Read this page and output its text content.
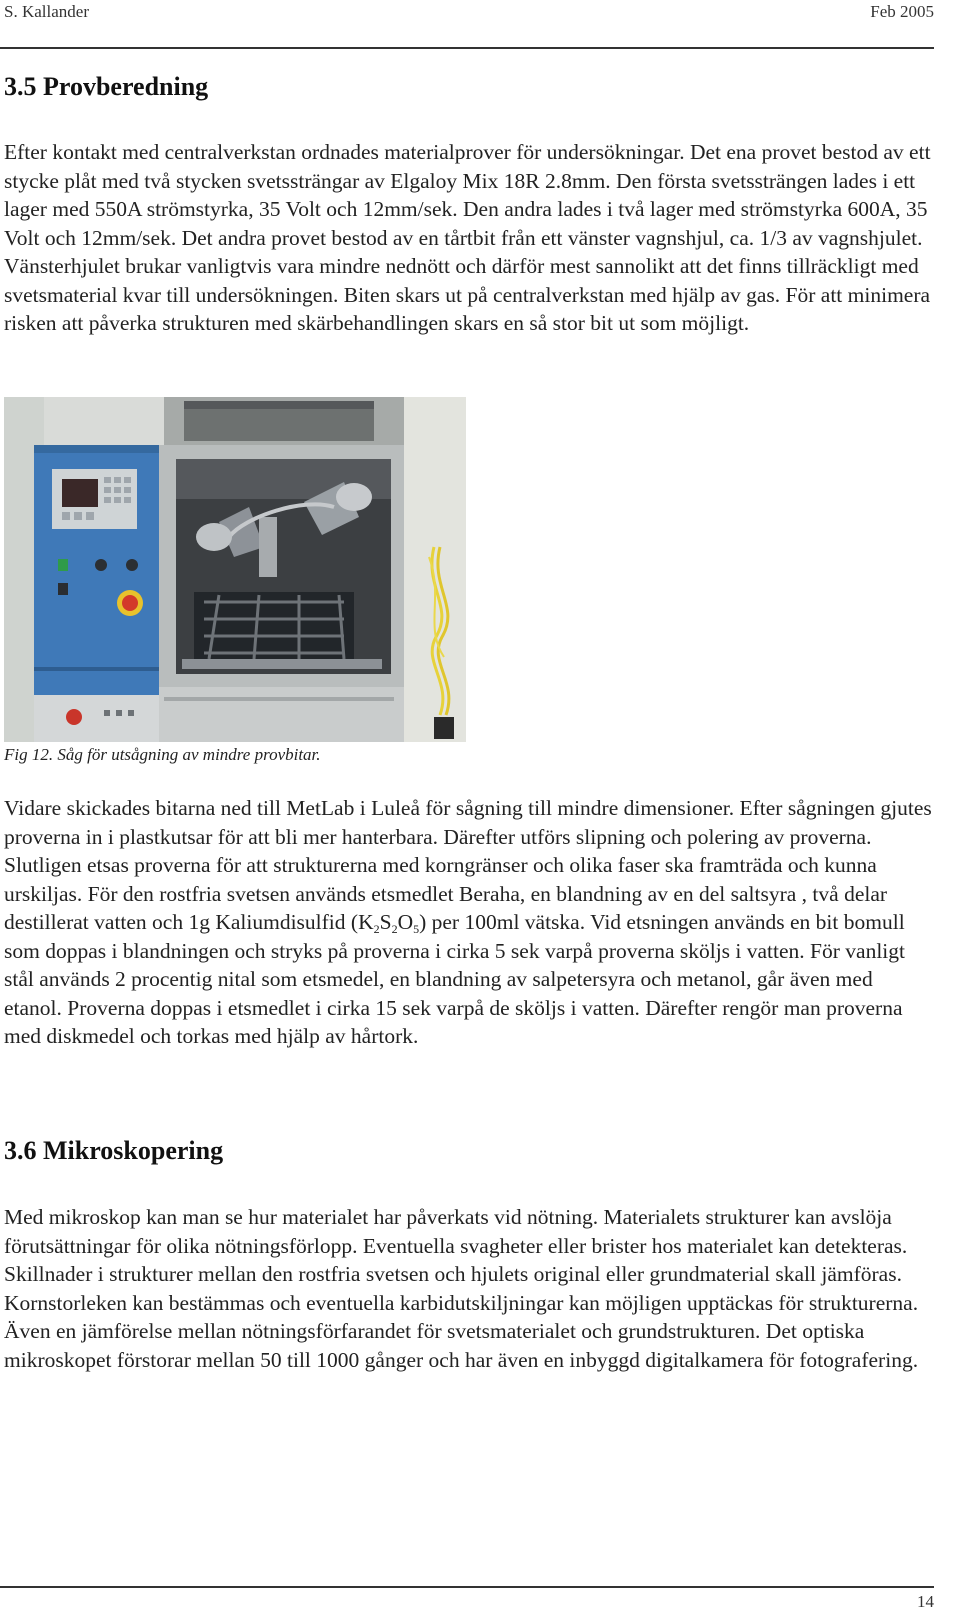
S. Kallander	Feb 2005
3.5 Provberedning

Efter kontakt med centralverkstan ordnades materialprover för undersökningar. Det ena provet bestod av ett stycke plåt med två stycken svetssträngar av Elgaloy Mix 18R 2.8mm. Den första svetssträngen lades i ett lager med 550A strömstyrka, 35 Volt och 12mm/sek. Den andra lades i två lager med strömstyrka 600A, 35 Volt och 12mm/sek. Det andra provet bestod av en tårtbit från ett vänster vagnshjul, ca. 1/3 av vagnshjulet. Vänsterhjulet brukar vanligtvis vara mindre nednött och därför mest sannolikt att det finns tillräckligt med svetsmaterial kvar till undersökningen. Biten skars ut på centralverkstan med hjälp av gas. För att minimera risken att påverka strukturen med skärbehandlingen skars en så stor bit ut som möjligt.

Fig 12. Såg för utsågning av mindre provbitar.

Vidare skickades bitarna ned till MetLab i Luleå för sågning till mindre dimensioner. Efter sågningen gjutes proverna in i plastkutsar för att bli mer hanterbara. Därefter utförs slipning och polering av proverna. Slutligen etsas proverna för att strukturerna med korngränser och olika faser ska framträda och kunna urskiljas. För den rostfria svetsen används etsmedlet Beraha, en blandning av en del saltsyra , två delar destillerat vatten och 1g Kaliumdisulfid $(K_2S_2O_5)$ per 100ml vätska. Vid etsningen används en bit bomull som doppas i blandningen och stryks på proverna i cirka 5 sek varpå proverna sköljs i vatten. För vanligt stål används 2 procentig nital som etsmedel, en blandning av salpetersyra och metanol, går även med etanol. Proverna doppas i etsmedlet i cirka 15 sek varpå de sköljs i vatten. Därefter rengör man proverna med diskmedel och torkas med hjälp av hårtork.

3.6 Mikroskopering

Med mikroskop kan man se hur materialet har påverkats vid nötning. Materialets strukturer kan avslöja förutsättningar för olika nötningsförlopp. Eventuella svagheter eller brister hos materialet kan detekteras. Skillnader i strukturer mellan den rostfria svetsen och hjulets original eller grundmaterial skall jämföras. Kornstorleken kan bestämmas och eventuella karbidutskiljningar kan möjligen upptäckas för strukturerna. Även en jämförelse mellan nötningsförfarandet för svetsmaterialet och grundstrukturen. Det optiska mikroskopet förstorar mellan 50 till 1000 gånger och har även en inbyggd digitalkamera för fotografering.

14
